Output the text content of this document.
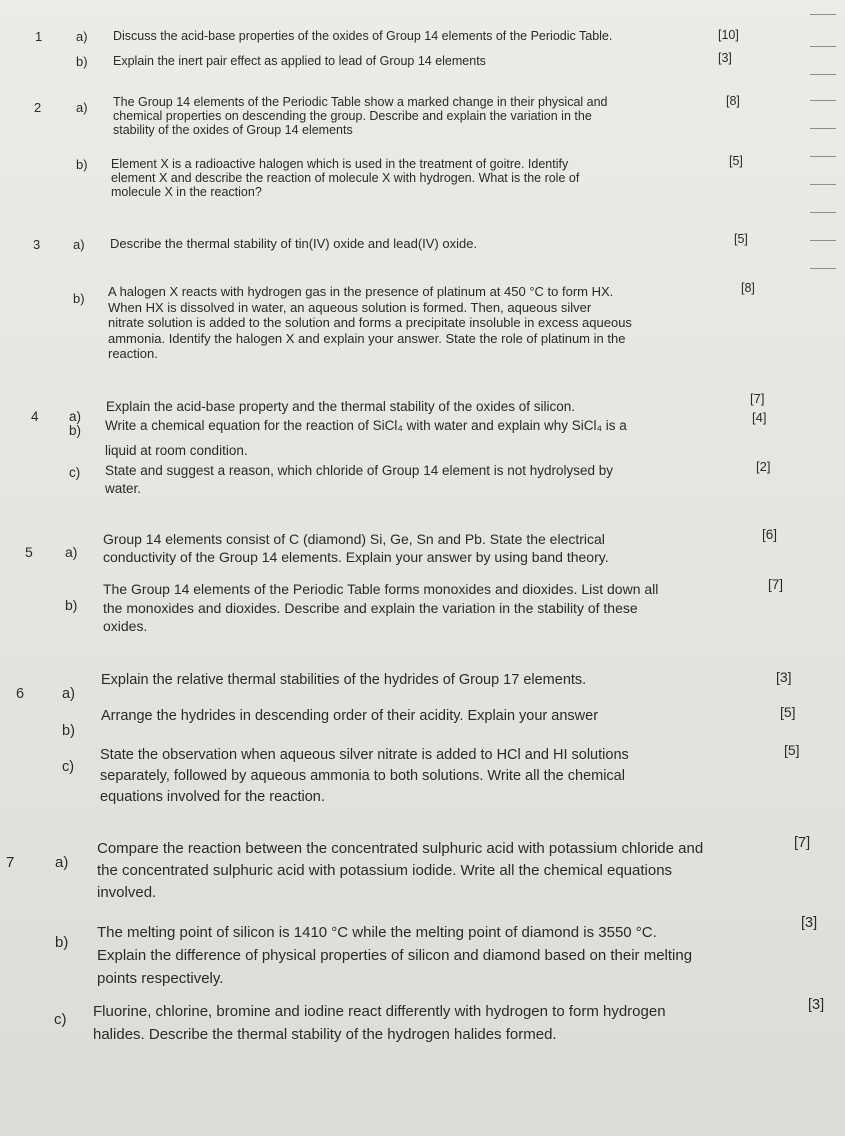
1	a) Discuss the acid-base properties of the oxides of Group 14 elements of the Periodic Table.	[10]
b) Explain the inert pair effect as applied to lead of Group 14 elements	[3]
2	a) The Group 14 elements of the Periodic Table show a marked change in their physical and
chemical properties on descending the group. Describe and explain the variation in the
stability of the oxides of Group 14 elements
[8]
b) Element X is a radioactive halogen which is used in the treatment of goitre. Identify
element X and describe the reaction of molecule X with hydrogen. What is the role of
molecule X in the reaction?
[5]
3	a) Describe the thermal stability of tin(IV) oxide and lead(IV) oxide.	[5]
b) A halogen X reacts with hydrogen gas in the presence of platinum at 450 °C to form HX.
When HX is dissolved in water, an aqueous solution is formed. Then, aqueous silver
nitrate solution is added to the solution and forms a precipitate insoluble in excess aqueous
ammonia. Identify the halogen X and explain your answer. State the role of platinum in the
reaction.
[8]
4 a)
Explain the acid-base property and the thermal stability of the oxides of silicon.
[7]
b) Write a chemical equation for the reaction of SiCl₄ with water and explain why SiCl₄ is a
liquid at room condition.
[4]
c) State and suggest a reason, which chloride of Group 14 element is not hydrolysed by
water.
[2]
5 a)
Group 14 elements consist of C (diamond) Si, Ge, Sn and Pb. State the electrical
conductivity of the Group 14 elements. Explain your answer by using band theory.
[6]
b)
The Group 14 elements of the Periodic Table forms monoxides and dioxides. List down all
the monoxides and dioxides. Describe and explain the variation in the stability of these
oxides.
[7]
6	a)
Explain the relative thermal stabilities of the hydrides of Group 17 elements.	[3]
b)
Arrange the hydrides in descending order of their acidity. Explain your answer	[5]
c)
State the observation when aqueous silver nitrate is added to HCl and HI solutions
separately, followed by aqueous ammonia to both solutions. Write all the chemical
equations involved for the reaction.
[5]
7	a)
Compare the reaction between the concentrated sulphuric acid with potassium chloride and
the concentrated sulphuric acid with potassium iodide. Write all the chemical equations
involved.
[7]
b)
The melting point of silicon is 1410 °C while the melting point of diamond is 3550 °C.
Explain the difference of physical properties of silicon and diamond based on their melting
points respectively.
[3]
c) Fluorine, chlorine, bromine and iodine react differently with hydrogen to form hydrogen
halides. Describe the thermal stability of the hydrogen halides formed.
[3]
